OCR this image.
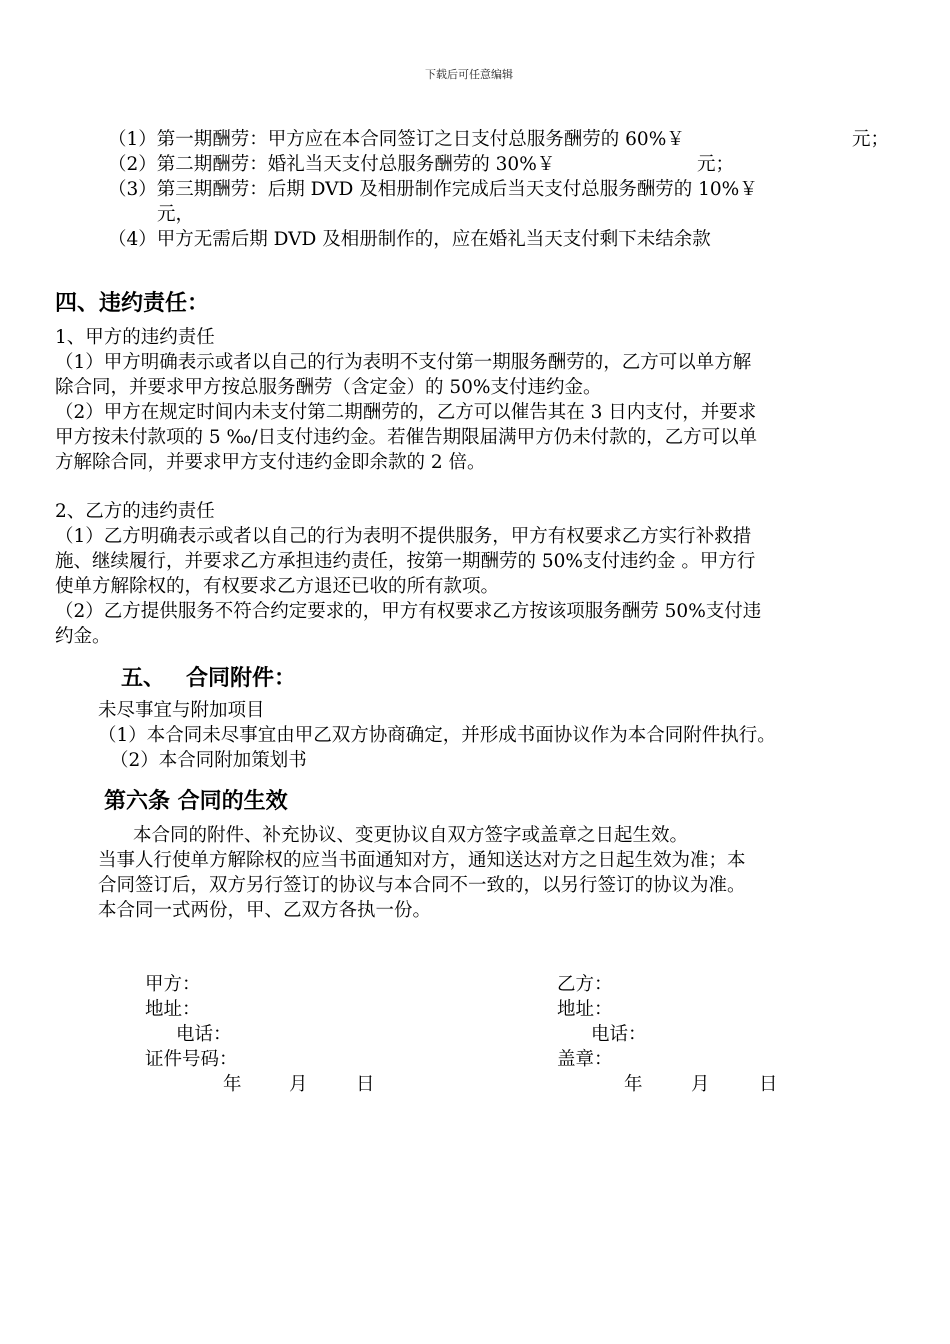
下载后可任意编辑
（1）第一期酬劳：甲方应在本合同签订之日支付总服务酬劳的 60%￥	元；
（2）第二期酬劳：婚礼当天支付总服务酬劳的 30%￥	元；
（3）第三期酬劳：后期 DVD 及相册制作完成后当天支付总服务酬劳的 10%￥
元，
（4）甲方无需后期 DVD 及相册制作的，应在婚礼当天支付剩下未结余款
四、违约责任：
1、甲方的违约责任
（1）甲方明确表示或者以自己的行为表明不支付第一期服务酬劳的，乙方可以单方解
除合同，并要求甲方按总服务酬劳（含定金）的 50%支付违约金。
（2）甲方在规定时间内未支付第二期酬劳的，乙方可以催告其在 3 日内支付，并要求
甲方按未付款项的 5 ‰/日支付违约金。若催告期限届满甲方仍未付款的，乙方可以单
方解除合同，并要求甲方支付违约金即余款的 2 倍。
2、乙方的违约责任
（1）乙方明确表示或者以自己的行为表明不提供服务，甲方有权要求乙方实行补救措
施、继续履行，并要求乙方承担违约责任，按第一期酬劳的 50%支付违约金 。甲方行
使单方解除权的，有权要求乙方退还已收的所有款项。
（2）乙方提供服务不符合约定要求的，甲方有权要求乙方按该项服务酬劳 50%支付违
约金。
五、 合同附件：
未尽事宜与附加项目
（1）本合同未尽事宜由甲乙双方协商确定，并形成书面协议作为本合同附件执行。
（2）本合同附加策划书
第六条 合同的生效
本合同的附件、补充协议、变更协议自双方签字或盖章之日起生效。
当事人行使单方解除权的应当书面通知对方，通知送达对方之日起生效为准；本
合同签订后，双方另行签订的协议与本合同不一致的，以另行签订的协议为准。
本合同一式两份，甲、乙双方各执一份。
甲方：
地址：
电话：
证件号码：
年	月	日
乙方：
地址：
电话：
盖章：
年	月	日
